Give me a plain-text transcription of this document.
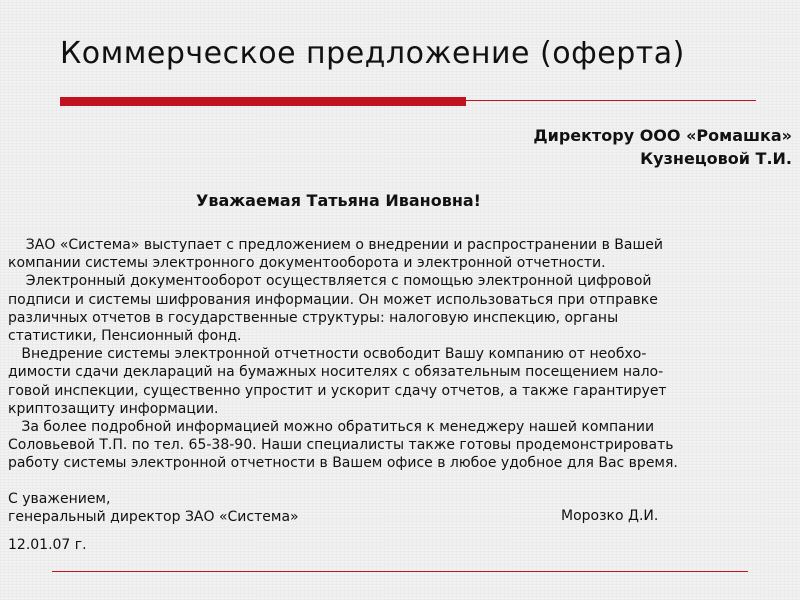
Коммерческое предложение (оферта)
Директору ООО «Ромашка»
Кузнецовой Т.И.
Уважаемая Татьяна Ивановна!
ЗАО «Система» выступает с предложением о внедрении и распространении в Вашей
компании системы электронного документооборота и электронной отчетности.
Электронный документооборот осуществляется с помощью электронной цифровой
подписи и системы шифрования информации. Он может использоваться при отправке
различных отчетов в государственные структуры: налоговую инспекцию, органы
статистики, Пенсионный фонд.
Внедрение системы электронной отчетности освободит Вашу компанию от необхо-
димости сдачи деклараций на бумажных носителях с обязательным посещением нало-
говой инспекции, существенно упростит и ускорит сдачу отчетов, а также гарантирует
криптозащиту информации.
За более подробной информацией можно обратиться к менеджеру нашей компании
Соловьевой Т.П. по тел. 65-38-90. Наши специалисты также готовы продемонстрировать
работу системы электронной отчетности в Вашем офисе в любое удобное для Вас время.
С уважением,
генеральный директор ЗАО «Система»	Морозко Д.И.
12.01.07 г.
